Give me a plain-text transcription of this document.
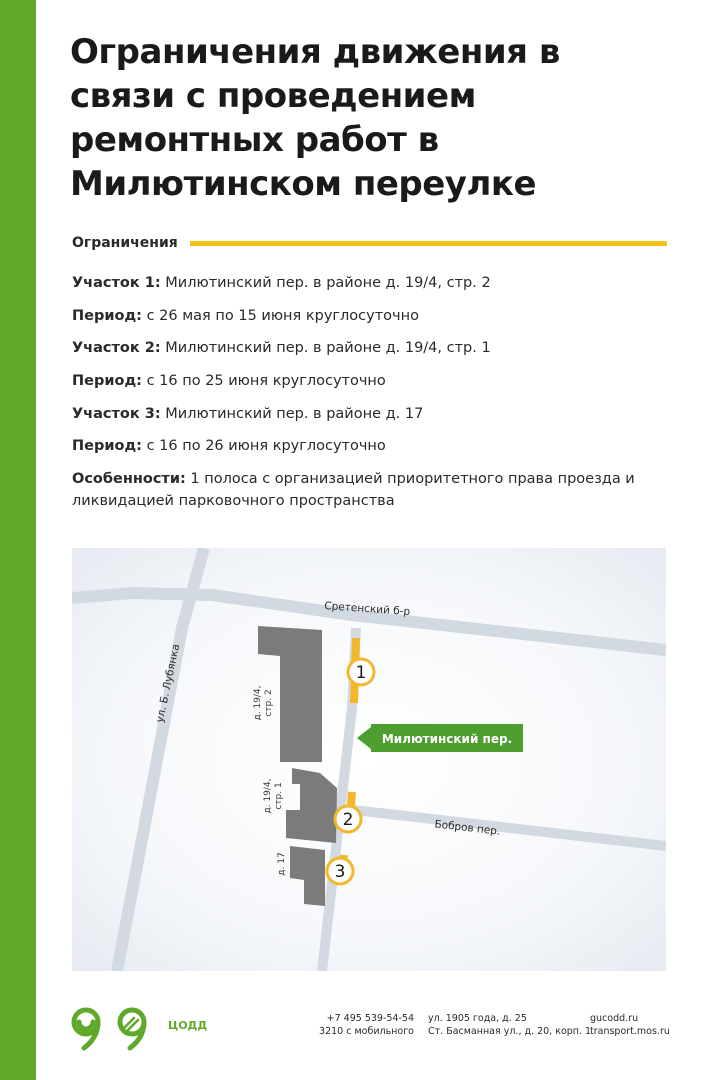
Ограничения движения в связи с проведением ремонтных работ в Милютинском переулке
Ограничения
Участок 1: Милютинский пер. в районе д. 19/4, стр. 2
Период: с 26 мая по 15 июня круглосуточно
Участок 2: Милютинский пер. в районе д. 19/4, стр. 1
Период: с 16 по 25 июня круглосуточно
Участок 3: Милютинский пер. в районе д. 17
Период: с 16 по 26 июня круглосуточно
Особенности: 1 полоса с организацией приоритетного права проезда и ликвидацией парковочного пространства
д. 19/4, стр. 2
д. 19/4, стр. 1
д. 17
Сретенский б-р
ул. Б. Лубянка
Бобров пер.
Милютинский пер.
1
2
3
ЦОДД
+7 495 539-54-54
3210 с мобильного
ул. 1905 года, д. 25
Ст. Басманная ул., д. 20, корп. 1
gucodd.ru
transport.mos.ru
